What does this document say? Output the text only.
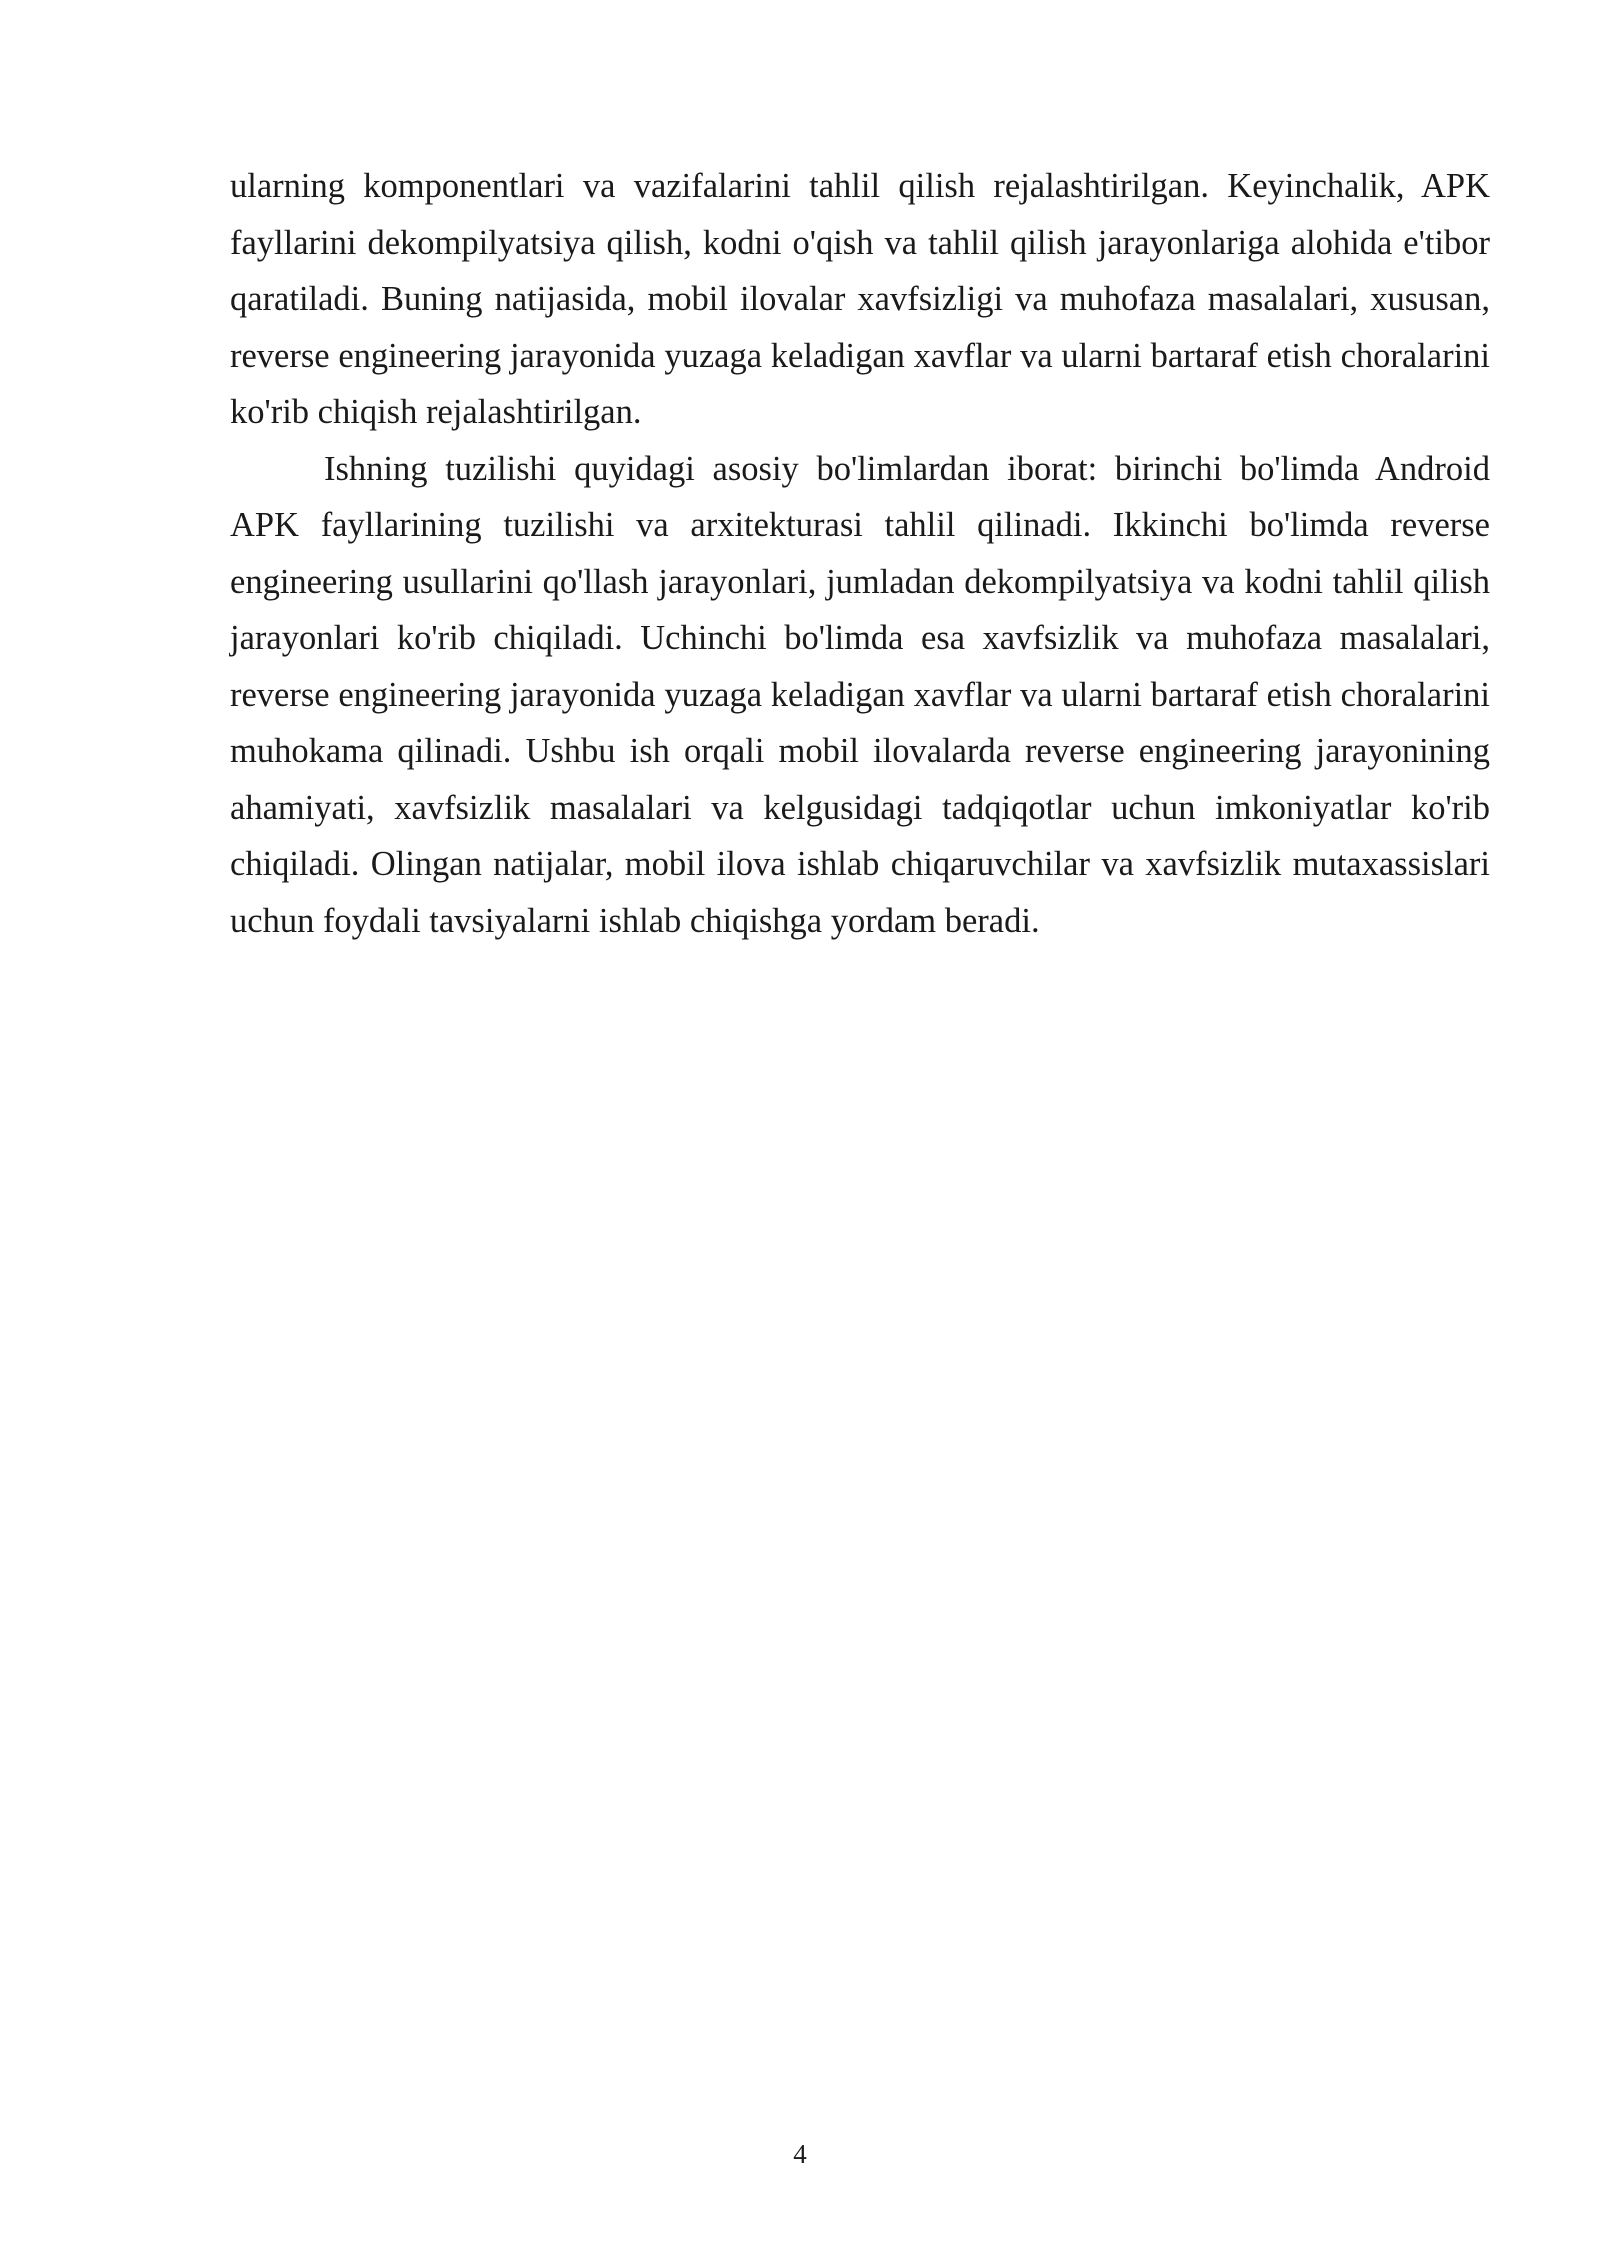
ularning komponentlari va vazifalarini tahlil qilish rejalashtirilgan. Keyinchalik, APK fayllarini dekompilyatsiya qilish, kodni o'qish va tahlil qilish jarayonlariga alohida e'tibor qaratiladi. Buning natijasida, mobil ilovalar xavfsizligi va muhofaza masalalari, xususan, reverse engineering jarayonida yuzaga keladigan xavflar va ularni bartaraf etish choralarini ko'rib chiqish rejalashtirilgan.

Ishning tuzilishi quyidagi asosiy bo'limlardan iborat: birinchi bo'limda Android APK fayllarining tuzilishi va arxitekturasi tahlil qilinadi. Ikkinchi bo'limda reverse engineering usullarini qo'llash jarayonlari, jumladan dekompilyatsiya va kodni tahlil qilish jarayonlari ko'rib chiqiladi. Uchinchi bo'limda esa xavfsizlik va muhofaza masalalari, reverse engineering jarayonida yuzaga keladigan xavflar va ularni bartaraf etish choralarini muhokama qilinadi. Ushbu ish orqali mobil ilovalarda reverse engineering jarayonining ahamiyati, xavfsizlik masalalari va kelgusidagi tadqiqotlar uchun imkoniyatlar ko'rib chiqiladi. Olingan natijalar, mobil ilova ishlab chiqaruvchilar va xavfsizlik mutaxassislari uchun foydali tavsiyalarni ishlab chiqishga yordam beradi.

4
